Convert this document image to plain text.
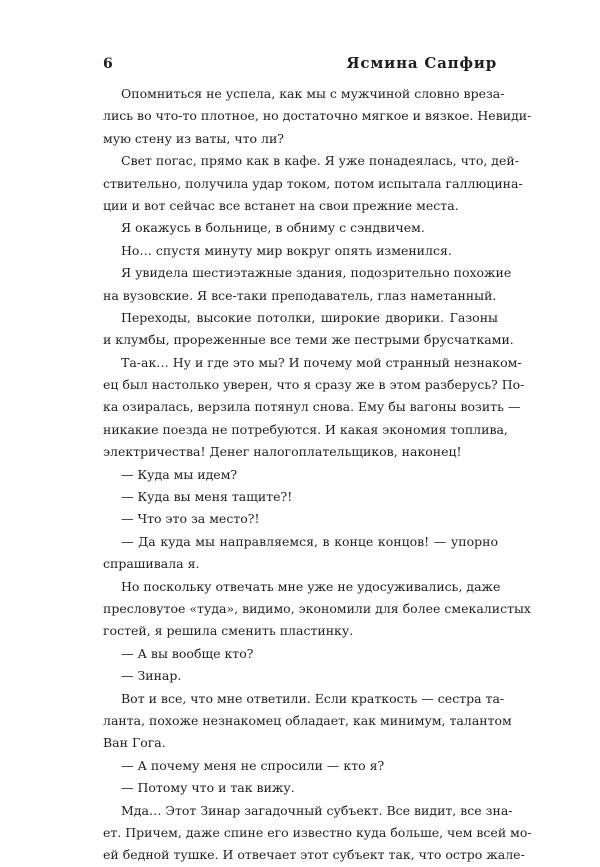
6	Ясмина Сапфир
Опомниться не успела, как мы с мужчиной словно вреза-
лись во что-то плотное, но достаточно мягкое и вязкое. Невиди-
мую стену из ваты, что ли?
Свет погас, прямо как в кафе. Я уже понадеялась, что, дей-
ствительно, получила удар током, потом испытала галлюцина-
ции и вот сейчас все встанет на свои прежние места.
Я окажусь в больнице, в обниму с сэндвичем.
Но… спустя минуту мир вокруг опять изменился.
Я увидела шестиэтажные здания, подозрительно похожие
на вузовские. Я все-таки преподаватель, глаз наметанный.
Переходы, высокие потолки, широкие дворики. Газоны
и клумбы, прореженные все теми же пестрыми брусчатками.
Та-ак… Ну и где это мы? И почему мой странный незнаком-
ец был настолько уверен, что я сразу же в этом разберусь? По-
ка озиралась, верзила потянул снова. Ему бы вагоны возить —
никакие поезда не потребуются. И какая экономия топлива,
электричества! Денег налогоплательщиков, наконец!
— Куда мы идем?
— Куда вы меня тащите?!
— Что это за место?!
— Да куда мы направляемся, в конце концов! — упорно
спрашивала я.
Но поскольку отвечать мне уже не удосуживались, даже
пресловутое «туда», видимо, экономили для более смекалистых
гостей, я решила сменить пластинку.
— А вы вообще кто?
— Зинар.
Вот и все, что мне ответили. Если краткость — сестра та-
ланта, похоже незнакомец обладает, как минимум, талантом
Ван Гога.
— А почему меня не спросили — кто я?
— Потому что и так вижу.
Мда… Этот Зинар загадочный субъект. Все видит, все зна-
ет. Причем, даже спине его известно куда больше, чем всей мо-
ей бедной тушке. И отвечает этот субъект так, что остро жале-
